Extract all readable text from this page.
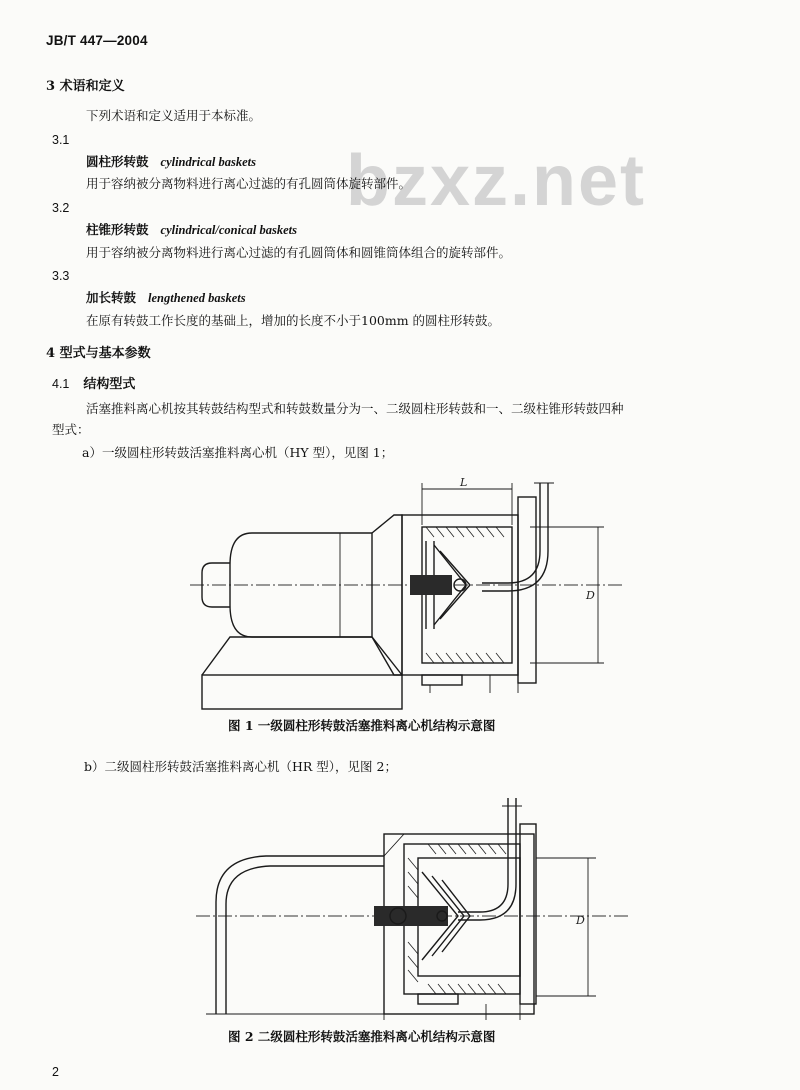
JB/T 447—2004
bzxz.net
3 术语和定义
下列术语和定义适用于本标准。
3.1
圆柱形转鼓 cylindrical baskets
用于容纳被分离物料进行离心过滤的有孔圆筒体旋转部件。
3.2
柱锥形转鼓 cylindrical/conical baskets
用于容纳被分离物料进行离心过滤的有孔圆筒体和圆锥筒体组合的旋转部件。
3.3
加长转鼓 lengthened baskets
在原有转鼓工作长度的基础上，增加的长度不小于100mm 的圆柱形转鼓。
4 型式与基本参数
4.1 结构型式
活塞推料离心机按其转鼓结构型式和转鼓数量分为一、二级圆柱形转鼓和一、二级柱锥形转鼓四种
型式：
a）一级圆柱形转鼓活塞推料离心机（HY 型），见图 1；
L
D
图 1 一级圆柱形转鼓活塞推料离心机结构示意图
b）二级圆柱形转鼓活塞推料离心机（HR 型），见图 2；
D
图 2 二级圆柱形转鼓活塞推料离心机结构示意图
2
